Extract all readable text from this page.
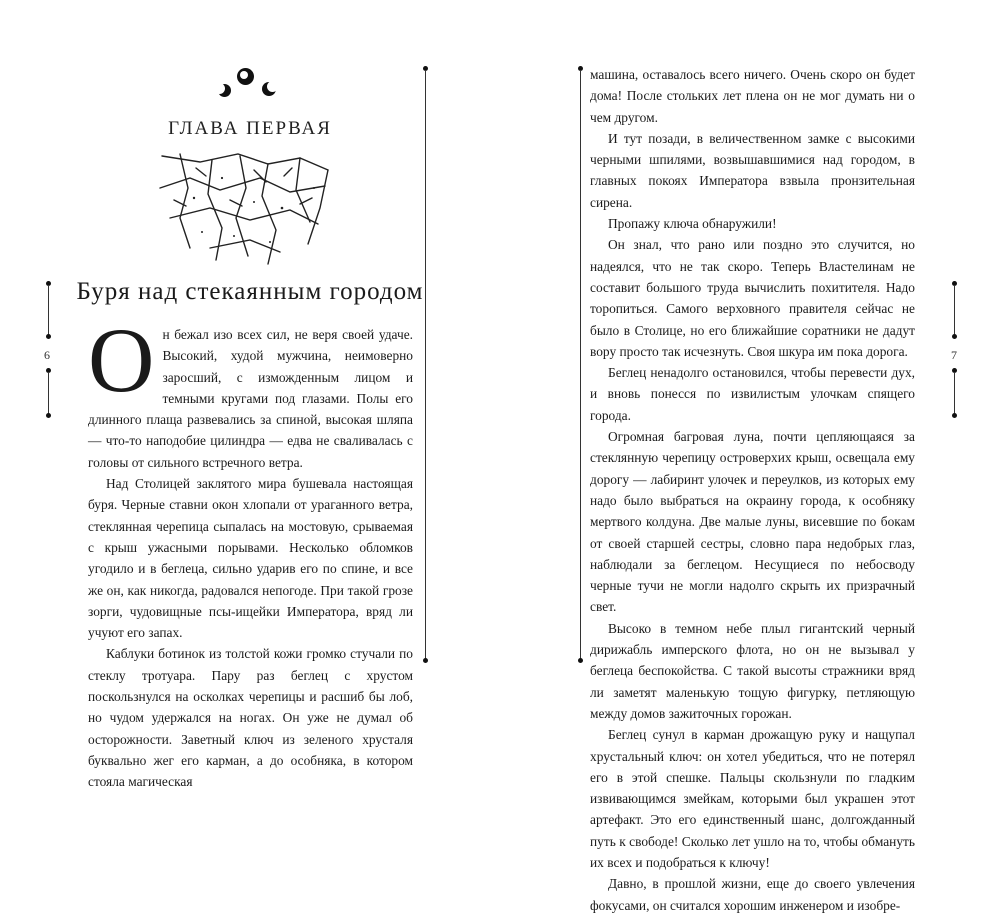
ГЛАВА ПЕРВАЯ
Буря над стекаянным городом

Он бежал изо всех сил, не веря своей удаче. Высокий, худой мужчина, неимоверно заросший, с изможденным лицом и темными кругами под глазами. Полы его длинного плаща развевались за спиной, высокая шляпа — что-то наподобие цилиндра — едва не сваливалась с головы от сильного встречного ветра.

Над Столицей заклятого мира бушевала настоящая буря. Черные ставни окон хлопали от ураганного ветра, стеклянная черепица сыпалась на мостовую, срываемая с крыш ужасными порывами. Несколько обломков угодило и в беглеца, сильно ударив его по спине, и все же он, как никогда, радовался непогоде. При такой грозе зорги, чудовищные псы-ищейки Императора, вряд ли учуют его запах.

Каблуки ботинок из толстой кожи громко стучали по стеклу тротуара. Пару раз беглец с хрустом поскользнулся на осколках черепицы и расшиб бы лоб, но чудом удержался на ногах. Он уже не думал об осторожности. Заветный ключ из зеленого хрусталя буквально жег его карман, а до особняка, в котором стояла магическая

6

машина, оставалось всего ничего. Очень скоро он будет дома! После стольких лет плена он не мог думать ни о чем другом.

И тут позади, в величественном замке с высокими черными шпилями, возвышавшимися над городом, в главных покоях Императора взвыла пронзительная сирена.

Пропажу ключа обнаружили!

Он знал, что рано или поздно это случится, но надеялся, что не так скоро. Теперь Властелинам не составит большого труда вычислить похитителя. Надо торопиться. Самого верховного правителя сейчас не было в Столице, но его ближайшие соратники не дадут вору просто так исчезнуть. Своя шкура им пока дорога.

Беглец ненадолго остановился, чтобы перевести дух, и вновь понесся по извилистым улочкам спящего города.

Огромная багровая луна, почти цепляющаяся за стеклянную черепицу островерхих крыш, освещала ему дорогу — лабиринт улочек и переулков, из которых ему надо было выбраться на окраину города, к особняку мертвого колдуна. Две малые луны, висевшие по бокам от своей старшей сестры, словно пара недобрых глаз, наблюдали за беглецом. Несущиеся по небосводу черные тучи не могли надолго скрыть их призрачный свет.

Высоко в темном небе плыл гигантский черный дирижабль имперского флота, но он не вызывал у беглеца беспокойства. С такой высоты стражники вряд ли заметят маленькую тощую фигурку, петляющую между домов зажиточных горожан.

Беглец сунул в карман дрожащую руку и нащупал хрустальный ключ: он хотел убедиться, что не потерял его в этой спешке. Пальцы скользнули по гладким извивающимся змейкам, которыми был украшен этот артефакт. Это его единственный шанс, долгожданный путь к свободе! Сколько лет ушло на то, чтобы обмануть их всех и подобраться к ключу!

Давно, в прошлой жизни, еще до своего увлечения фокусами, он считался хорошим инженером и изобре-

7
